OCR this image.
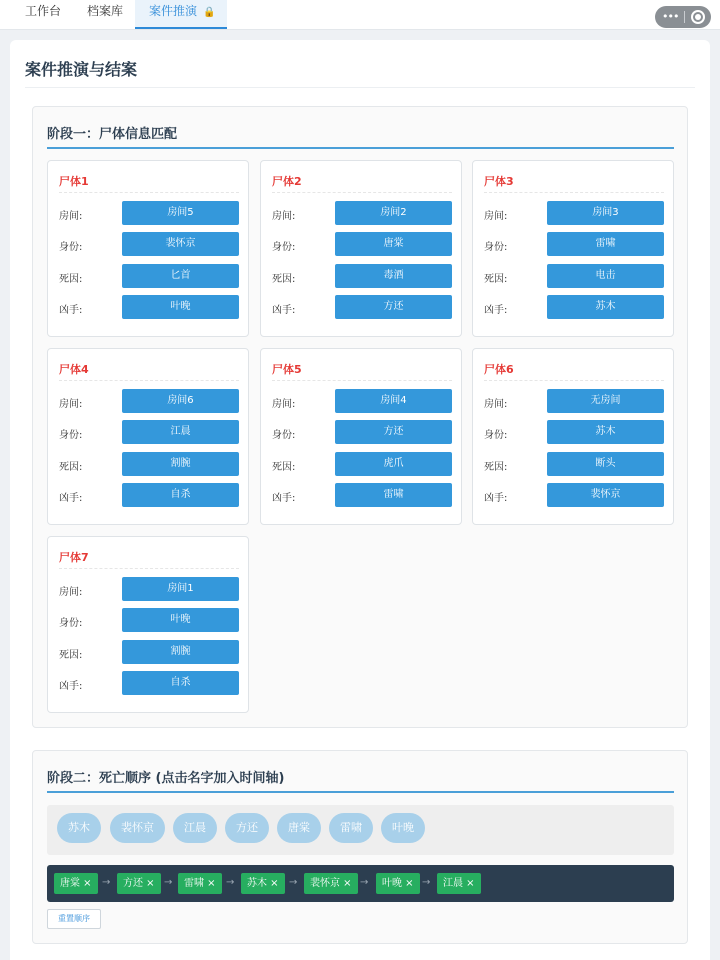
工作台 档案库	案件推演 🔒	•••
案件推演与结案
阶段一：尸体信息匹配
尸体1
房间:	房间5
身份:	裴怀京
死因:	匕首
凶手:	叶晚
尸体2
房间:	房间2
身份:	唐棠
死因:	毒酒
凶手:	方还
尸体3
房间:	房间3
身份:	雷啸
死因:	电击
凶手:	苏木
尸体4
房间:	房间6
身份:	江晨
死因:	割腕
凶手:	自杀
尸体5
房间:	房间4
身份:	方还
死因:	虎爪
凶手:	雷啸
尸体6
房间:	无房间
身份:	苏木
死因:	断头
凶手:	裴怀京
尸体7
房间:	房间1
身份:	叶晚
死因:	割腕
凶手:	自杀
阶段二：死亡顺序 (点击名字加入时间轴)
苏木	裴怀京	江晨	方还	唐棠	雷啸	叶晚
唐棠 ×	→	方还 × →	雷啸 ×	→	苏木 ×	→	裴怀京 × →	叶晚 × →	江晨 ×
重置顺序
